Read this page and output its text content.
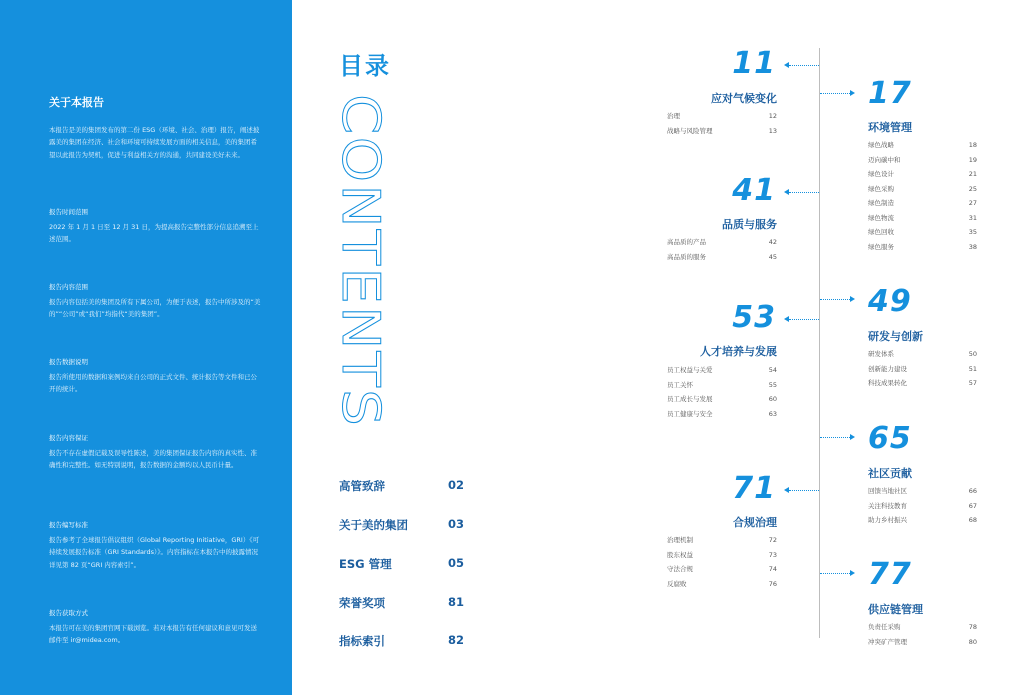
关于本报告
本报告是美的集团发布的第二份 ESG（环境、社会、治理）报告，阐述披露美的集团在经济、社会和环境可持续发展方面的相关信息，美的集团希望以此报告为契机，促进与利益相关方的沟通，共同建设美好未来。
报告时间范围
2022 年 1 月 1 日至 12 月 31 日，为提高报告完整性部分信息追溯至上述范围。
报告内容范围
报告内容包括美的集团及所有下属公司，为便于表述，报告中所涉及的“美的”“公司”或“我们”均指代“美的集团”。
报告数据说明
报告所使用的数据和案例均来自公司的正式文件、统计报告等文件和已公开的统计。
报告内容保证
报告不存在虚假记载及误导性陈述，美的集团保证报告内容的真实性、准确性和完整性。如无特别说明，报告数据的金额均以人民币计量。
报告编写标准
报告参考了全球报告倡议组织（Global Reporting Initiative，GRI）《可持续发展报告标准（GRI Standards）》。内容指标在本报告中的披露情况详见第 82 页“GRI 内容索引”。
报告获取方式
本报告可在美的集团官网下载浏览。若对本报告有任何建议和意见可发送邮件至 ir@midea.com。
目录
CONTENTS
高管致辞	02
关于美的集团	03
ESG 管理	05
荣誉奖项	81
指标索引	82
11
应对气候变化
治理	12
战略与风险管理	13
41
品质与服务
高品质的产品	42
高品质的服务	45
53
人才培养与发展
员工权益与关爱	54
员工关怀	55
员工成长与发展	60
员工健康与安全	63
71
合规治理
治理机制	72
股东权益	73
守法合规	74
反腐败	76
17
环境管理
绿色战略	18
迈向碳中和	19
绿色设计	21
绿色采购	25
绿色制造	27
绿色物流	31
绿色回收	35
绿色服务	38
49
研发与创新
研发体系	50
创新能力建设	51
科技成果转化	57
65
社区贡献
回馈当地社区	66
关注科技教育	67
助力乡村振兴	68
77
供应链管理
负责任采购	78
冲突矿产管理	80
